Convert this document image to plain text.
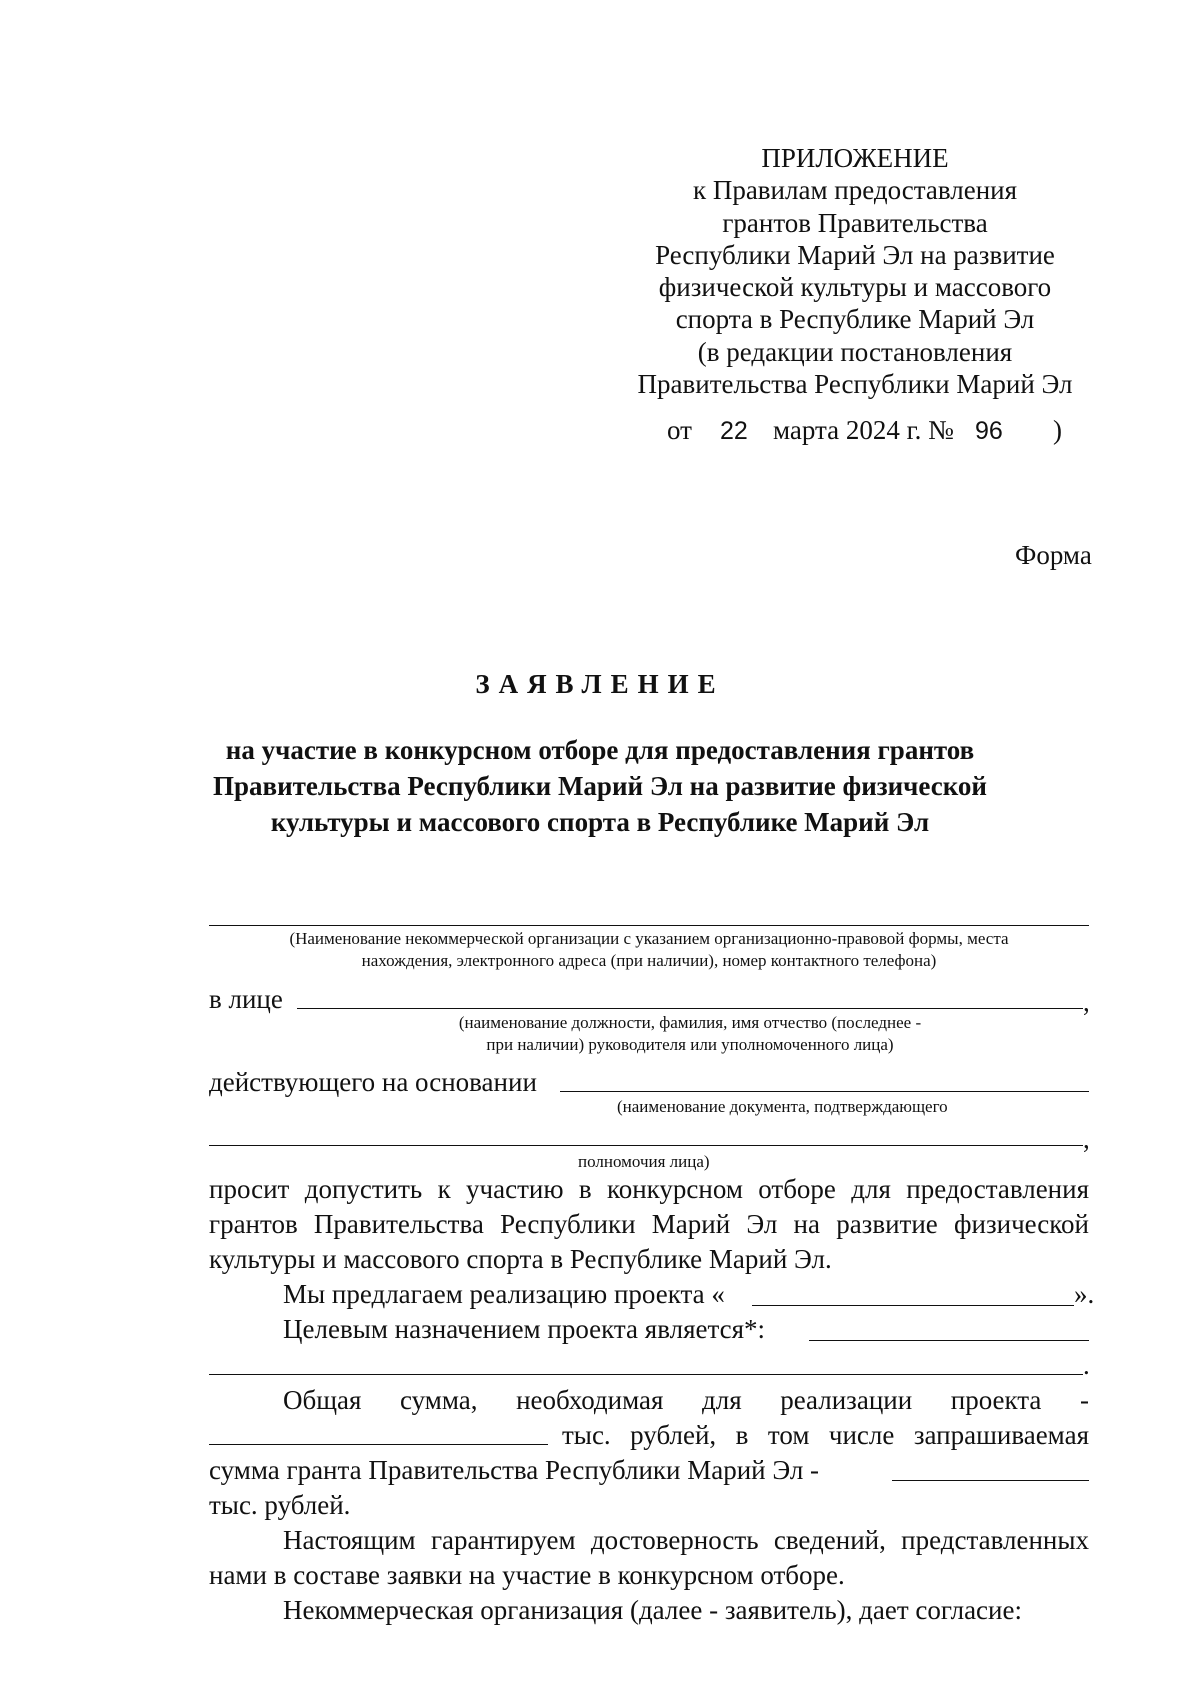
ПРИЛОЖЕНИЕ
к Правилам предоставления
грантов Правительства
Республики Марий Эл на развитие
физической культуры и массового
спорта в Республике Марий Эл
(в редакции постановления
Правительства Республики Марий Эл
от 22 марта 2024 г. № 96 )
Форма
ЗАЯВЛЕНИЕ
на участие в конкурсном отборе для предоставления грантов
Правительства Республики Марий Эл на развитие физической
культуры и массового спорта в Республике Марий Эл
(Наименование некоммерческой организации с указанием организационно-правовой формы, места
нахождения, электронного адреса (при наличии), номер контактного телефона)
в лице	,
(наименование должности, фамилия, имя отчество (последнее -
при наличии) руководителя или уполномоченного лица)
действующего на основании
(наименование документа, подтверждающего
,
полномочия лица)
просит допустить к участию в конкурсном отборе для предоставления
грантов Правительства Республики Марий Эл на развитие физической
культуры и массового спорта в Республике Марий Эл.
Мы предлагаем реализацию проекта «	».
Целевым назначением проекта является*:
.
Общая сумма, необходимая для реализации проекта -
тыс. рублей, в том числе запрашиваемая
сумма гранта Правительства Республики Марий Эл -
тыс. рублей.
Настоящим гарантируем достоверность сведений, представленных
нами в составе заявки на участие в конкурсном отборе.
Некоммерческая организация (далее - заявитель), дает согласие:
